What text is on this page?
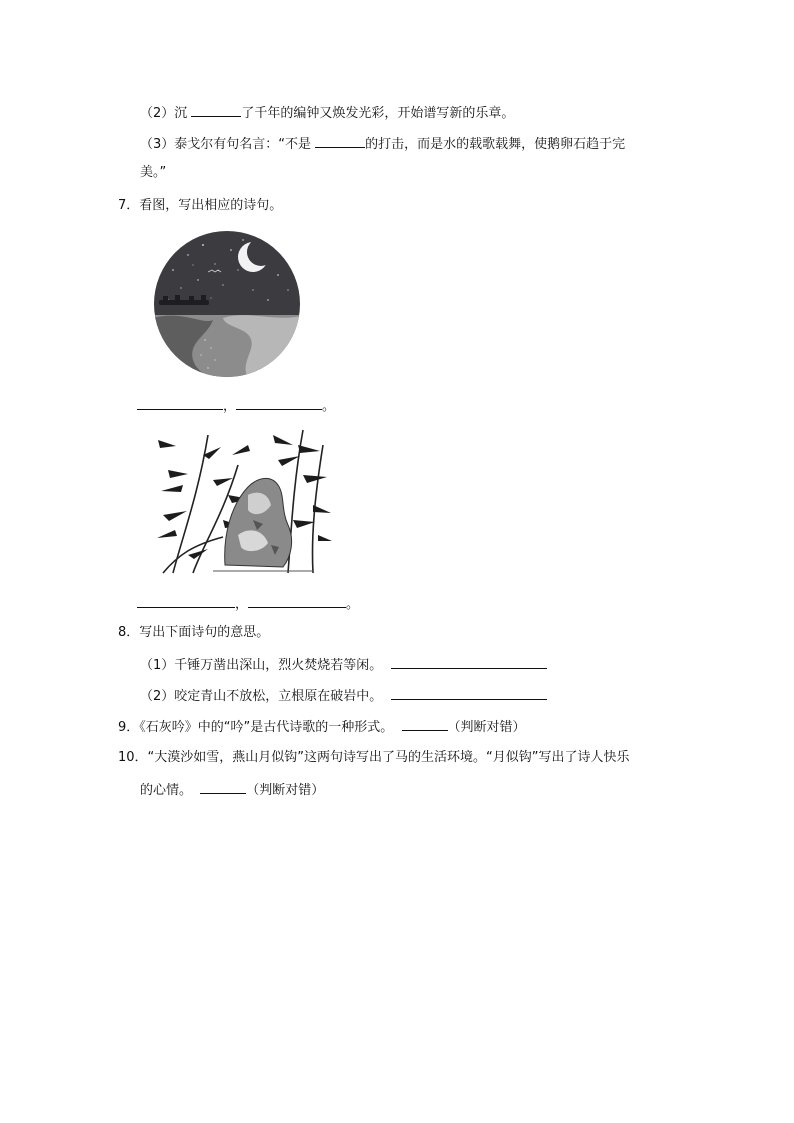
（2）沉	了千年的编钟又焕发光彩，开始谱写新的乐章。
（3）泰戈尔有句名言：“不是	的打击，而是水的载歌载舞，使鹅卵石趋于完
美。”
7．看图，写出相应的诗句。
，	。
，	。
8．写出下面诗句的意思。
（1）千锤万凿出深山，烈火焚烧若等闲。
（2）咬定青山不放松，立根原在破岩中。
9．《石灰吟》中的“吟”是古代诗歌的一种形式。	（判断对错）
10．“大漠沙如雪，燕山月似钩”这两句诗写出了马的生活环境。“月似钩”写出了诗人快乐
的心情。	（判断对错）
